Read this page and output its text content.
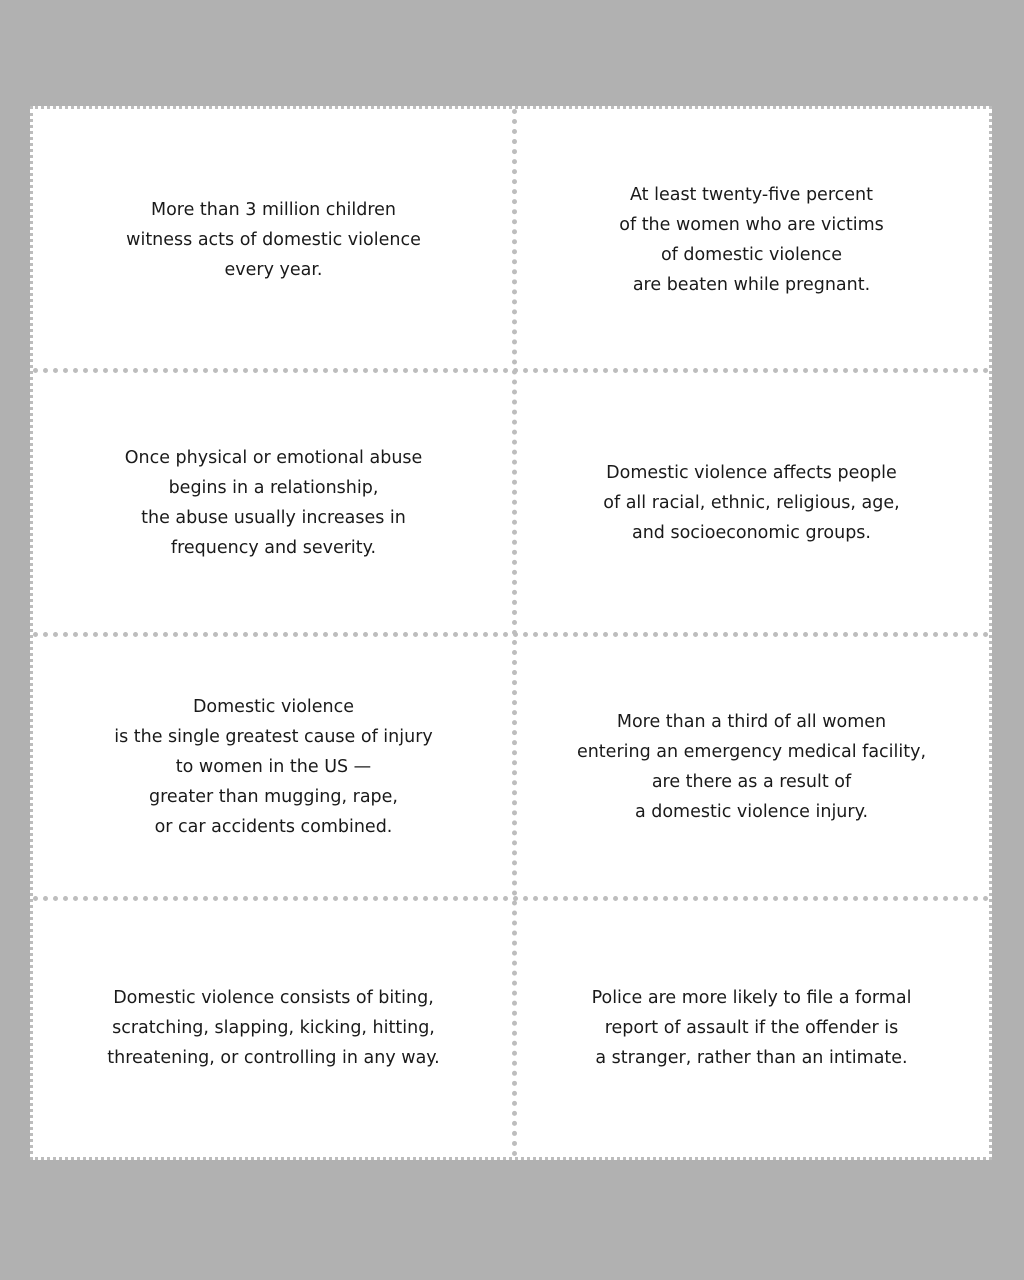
More than 3 million children
witness acts of domestic violence
every year.
At least twenty-five percent
of the women who are victims
of domestic violence
are beaten while pregnant.
Once physical or emotional abuse
begins in a relationship,
the abuse usually increases in
frequency and severity.
Domestic violence affects people
of all racial, ethnic, religious, age,
and socioeconomic groups.
Domestic violence
is the single greatest cause of injury
to women in the US —
greater than mugging, rape,
or car accidents combined.
More than a third of all women
entering an emergency medical facility,
are there as a result of
a domestic violence injury.
Domestic violence consists of biting,
scratching, slapping, kicking, hitting,
threatening, or controlling in any way.
Police are more likely to file a formal
report of assault if the offender is
a stranger, rather than an intimate.
